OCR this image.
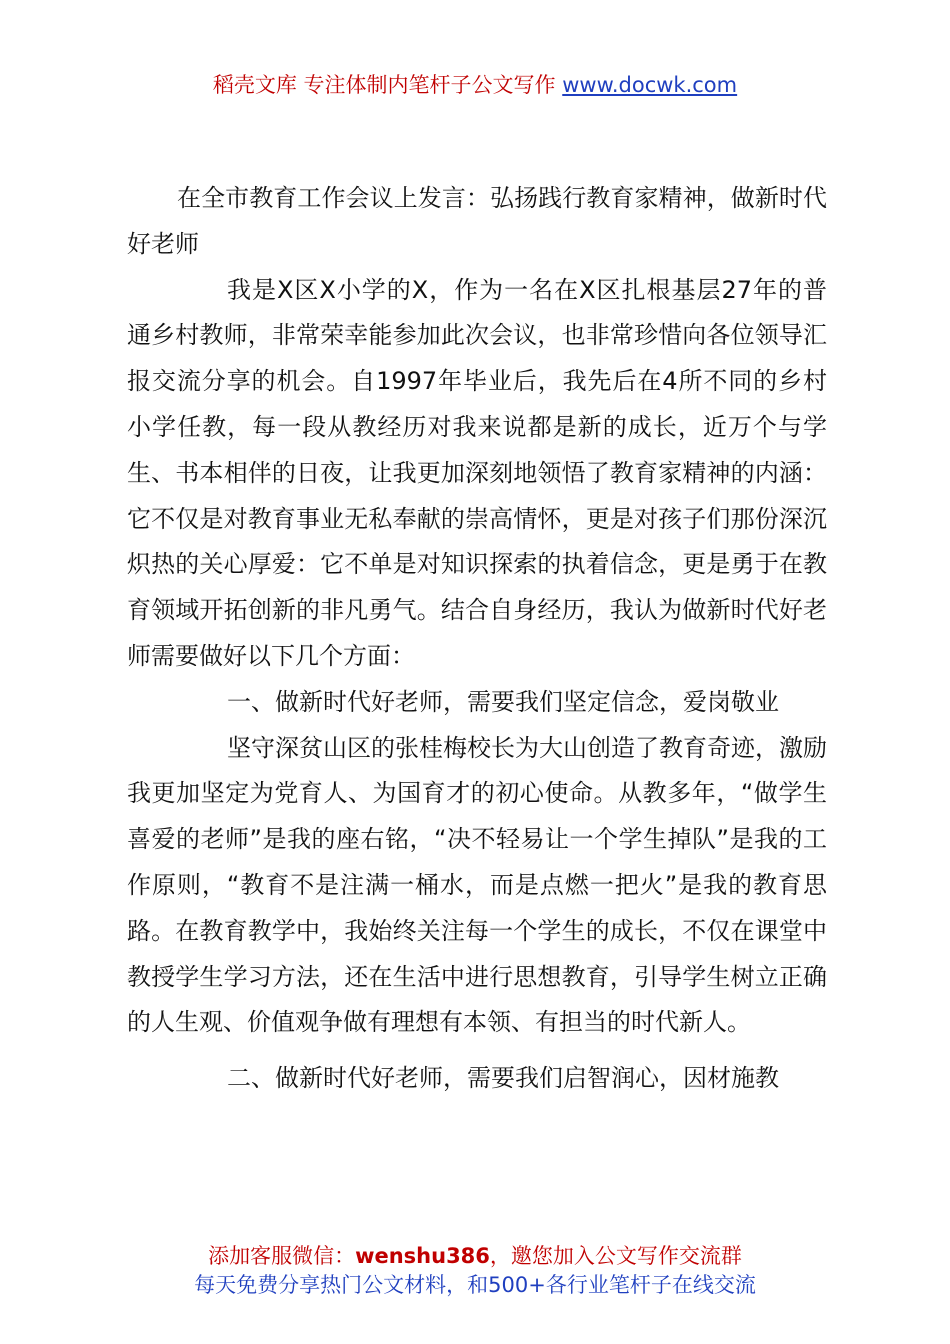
稻壳文库 专注体制内笔杆子公文写作 www.docwk.com

在全市教育工作会议上发言：弘扬践行教育家精神，做新时代好老师

我是X区X小学的X，作为一名在X区扎根基层27年的普通乡村教师，非常荣幸能参加此次会议，也非常珍惜向各位领导汇报交流分享的机会。自1997年毕业后，我先后在4所不同的乡村小学任教，每一段从教经历对我来说都是新的成长，近万个与学生、书本相伴的日夜，让我更加深刻地领悟了教育家精神的内涵：它不仅是对教育事业无私奉献的崇高情怀，更是对孩子们那份深沉炽热的关心厚爱：它不单是对知识探索的执着信念，更是勇于在教育领域开拓创新的非凡勇气。结合自身经历，我认为做新时代好老师需要做好以下几个方面：

一、做新时代好老师，需要我们坚定信念，爱岗敬业

坚守深贫山区的张桂梅校长为大山创造了教育奇迹，激励我更加坚定为党育人、为国育才的初心使命。从教多年，“做学生喜爱的老师”是我的座右铭，“决不轻易让一个学生掉队”是我的工作原则，“教育不是注满一桶水，而是点燃一把火”是我的教育思路。在教育教学中，我始终关注每一个学生的成长，不仅在课堂中教授学生学习方法，还在生活中进行思想教育，引导学生树立正确的人生观、价值观争做有理想有本领、有担当的时代新人。

二、做新时代好老师，需要我们启智润心，因材施教

添加客服微信：wenshu386，邀您加入公文写作交流群
每天免费分享热门公文材料，和500+各行业笔杆子在线交流
